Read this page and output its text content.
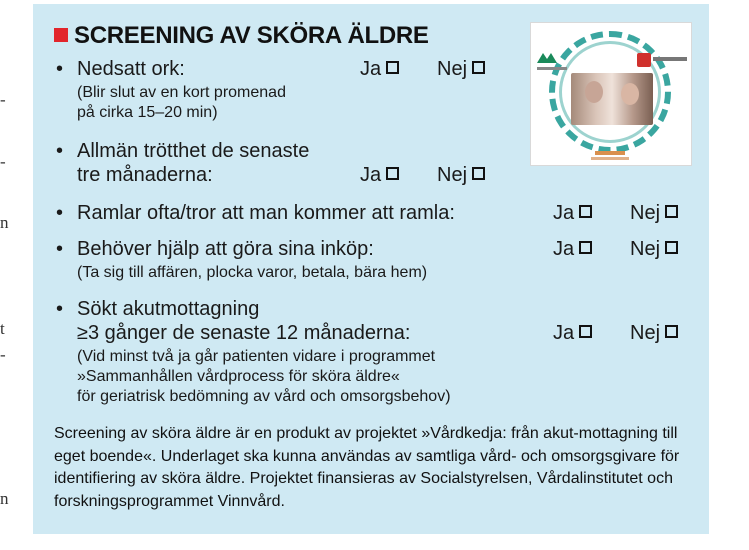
-
-
n
t
-
n
SCREENING AV SKÖRA ÄLDRE
• Nedsatt ork:
(Blir slut av en kort promenad
på cirka 15–20 min)
Ja	Nej
• Allmän trötthet de senaste
tre månaderna:	Ja	Nej
• Ramlar ofta/tror att man kommer att ramla:	Ja	Nej
• Behöver hjälp att göra sina inköp:
(Ta sig till affären, plocka varor, betala, bära hem)
Ja	Nej
• Sökt akutmottagning
≥3 gånger de senaste 12 månaderna:
(Vid minst två ja går patienten vidare i programmet
»Sammanhållen vårdprocess för sköra äldre«
för geriatrisk bedömning av vård och omsorgsbehov)
Ja	Nej
Screening av sköra äldre är en produkt av projektet »Vårdkedja: från akut-mottagning till eget boende«. Underlaget ska kunna användas av samtliga vård- och omsorgsgivare för identifiering av sköra äldre. Projektet finansieras av Socialstyrelsen, Vårdalinstitutet och forskningsprogrammet Vinnvård.
